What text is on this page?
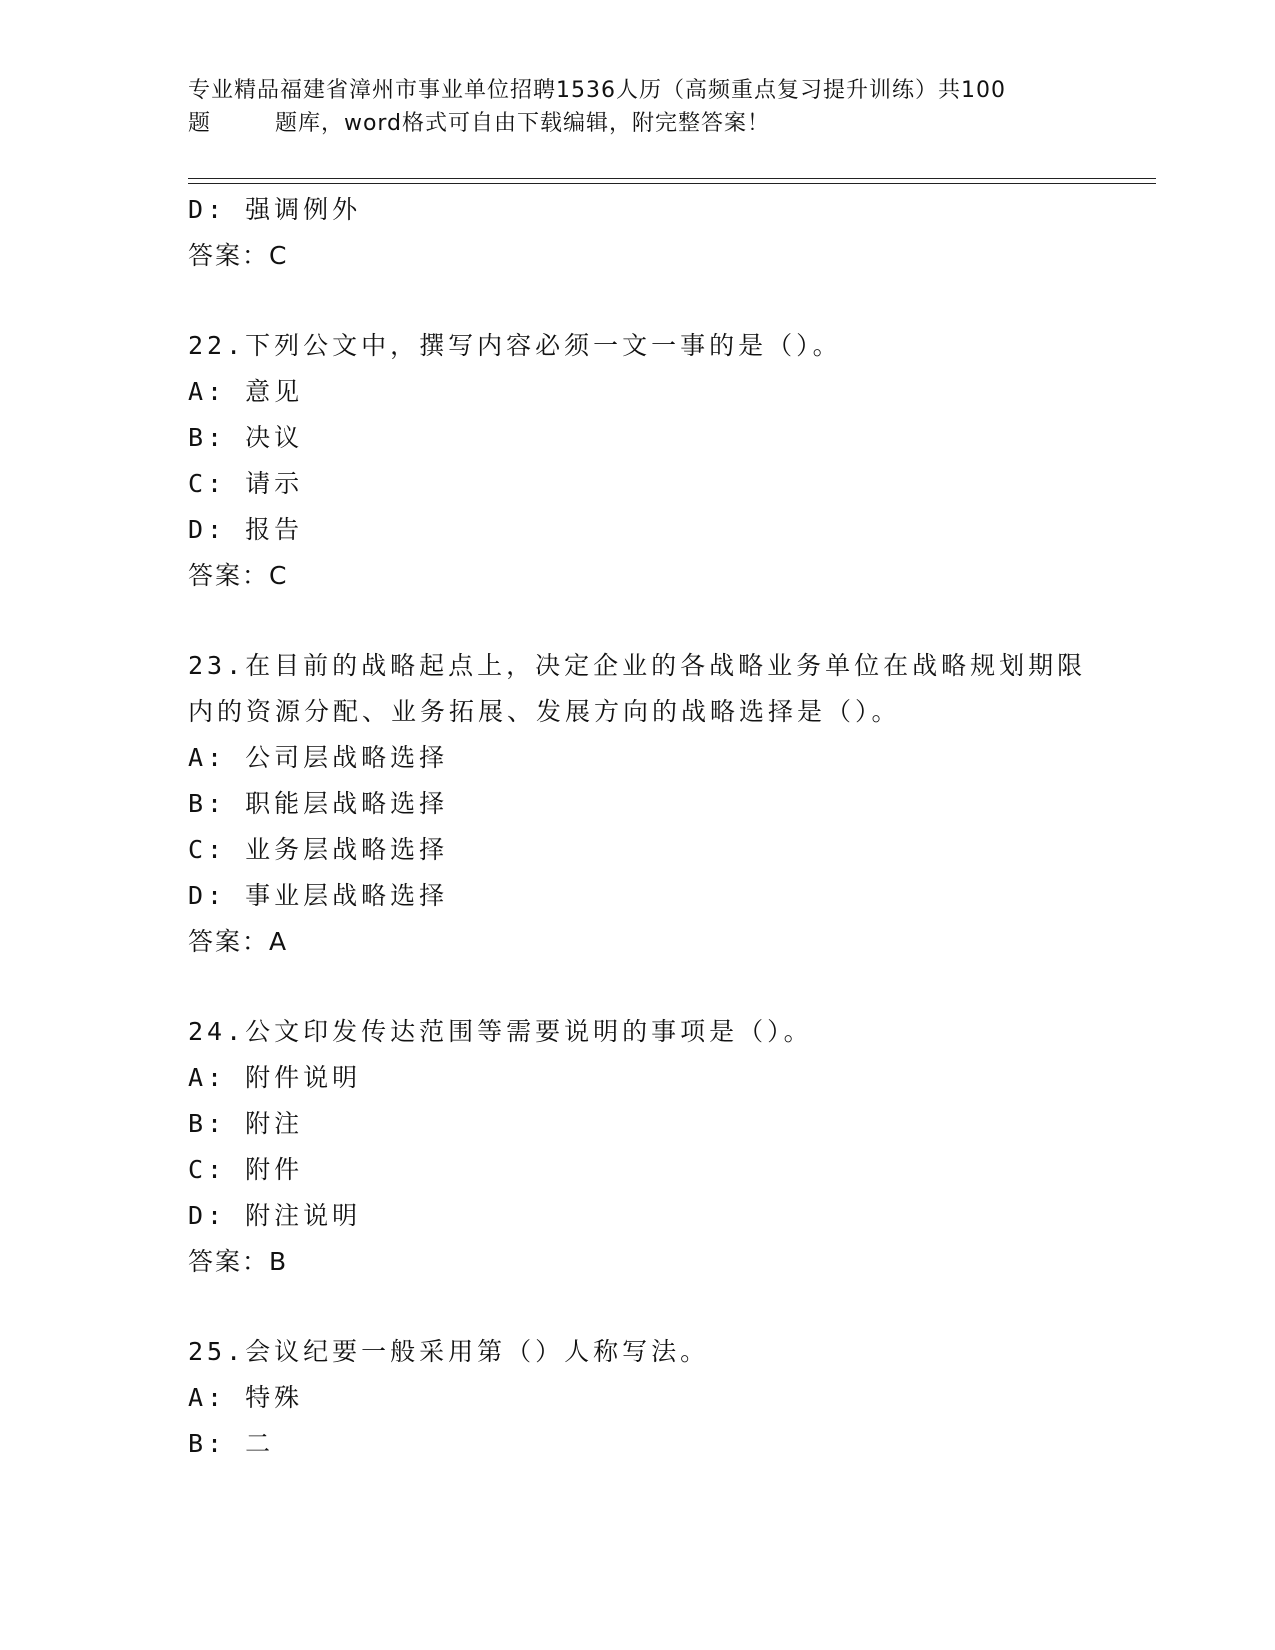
专业精品福建省漳州市事业单位招聘1536人历（高频重点复习提升训练）共100
题        题库，word格式可自由下载编辑，附完整答案！
D: 强调例外
答案：C
22.下列公文中，撰写内容必须一文一事的是（）。
A: 意见
B: 决议
C: 请示
D: 报告
答案：C
23.在目前的战略起点上，决定企业的各战略业务单位在战略规划期限
内的资源分配、业务拓展、发展方向的战略选择是（）。
A: 公司层战略选择
B: 职能层战略选择
C: 业务层战略选择
D: 事业层战略选择
答案：A
24.公文印发传达范围等需要说明的事项是（）。
A: 附件说明
B: 附注
C: 附件
D: 附注说明
答案：B
25.会议纪要一般采用第（）人称写法。
A: 特殊
B: 二
